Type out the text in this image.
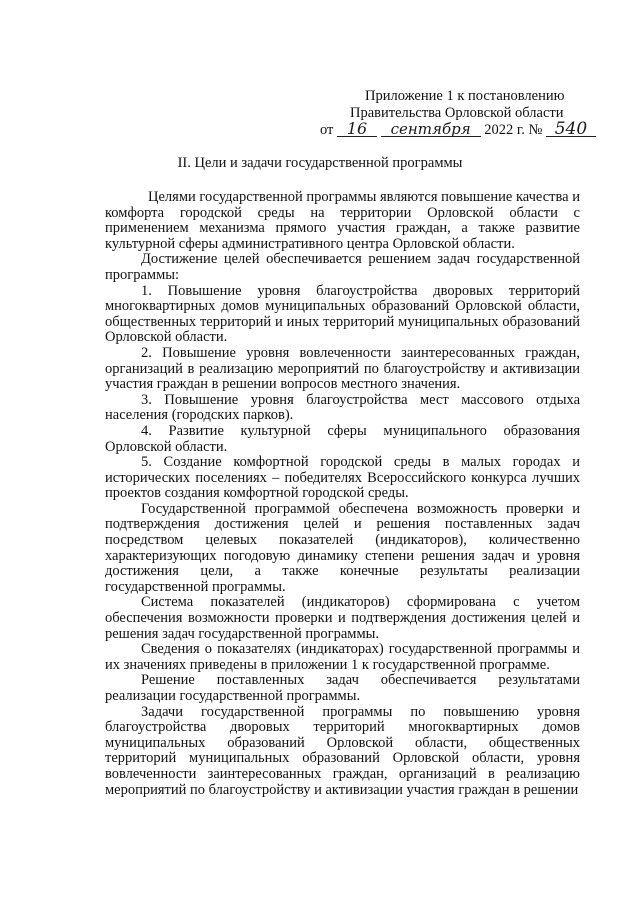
Приложение 1 к постановлению
Правительства Орловской области
от 16 сентября 2022 г. № 540
II. Цели и задачи государственной программы

Целями государственной программы являются повышение качества и комфорта городской среды на территории Орловской области с применением механизма прямого участия граждан, а также развитие культурной сферы административного центра Орловской области.

Достижение целей обеспечивается решением задач государственной программы:

1. Повышение уровня благоустройства дворовых территорий многоквартирных домов муниципальных образований Орловской области, общественных территорий и иных территорий муниципальных образований Орловской области.

2. Повышение уровня вовлеченности заинтересованных граждан, организаций в реализацию мероприятий по благоустройству и активизации участия граждан в решении вопросов местного значения.

3. Повышение уровня благоустройства мест массового отдыха населения (городских парков).

4. Развитие культурной сферы муниципального образования Орловской области.

5. Создание комфортной городской среды в малых городах и исторических поселениях – победителях Всероссийского конкурса лучших проектов создания комфортной городской среды.

Государственной программой обеспечена возможность проверки и подтверждения достижения целей и решения поставленных задач посредством целевых показателей (индикаторов), количественно характеризующих погодовую динамику степени решения задач и уровня достижения цели, а также конечные результаты реализации государственной программы.

Система показателей (индикаторов) сформирована с учетом обеспечения возможности проверки и подтверждения достижения целей и решения задач государственной программы.

Сведения о показателях (индикаторах) государственной программы и их значениях приведены в приложении 1 к государственной программе.

Решение поставленных задач обеспечивается результатами реализации государственной программы.

Задачи государственной программы по повышению уровня благоустройства дворовых территорий многоквартирных домов муниципальных образований Орловской области, общественных территорий муниципальных образований Орловской области, уровня вовлеченности заинтересованных граждан, организаций в реализацию мероприятий по благоустройству и активизации участия граждан в решении
